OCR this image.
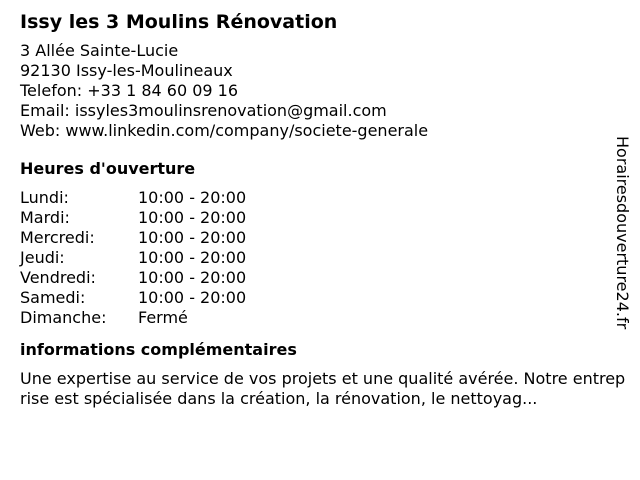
Issy les 3 Moulins Rénovation
3 Allée Sainte-Lucie
92130 Issy-les-Moulineaux
Telefon: +33 1 84 60 09 16
Email: issyles3moulinsrenovation@gmail.com
Web: www.linkedin.com/company/societe-generale
Heures d'ouverture
Lundi:	10:00 - 20:00
Mardi:	10:00 - 20:00
Mercredi:	10:00 - 20:00
Jeudi:	10:00 - 20:00
Vendredi:	10:00 - 20:00
Samedi:	10:00 - 20:00
Dimanche:	Fermé
informations complémentaires
Une expertise au service de vos projets et une qualité avérée. Notre entreprise est spécialisée dans la création, la rénovation, le nettoyag...
Horairesdouverture24.fr
